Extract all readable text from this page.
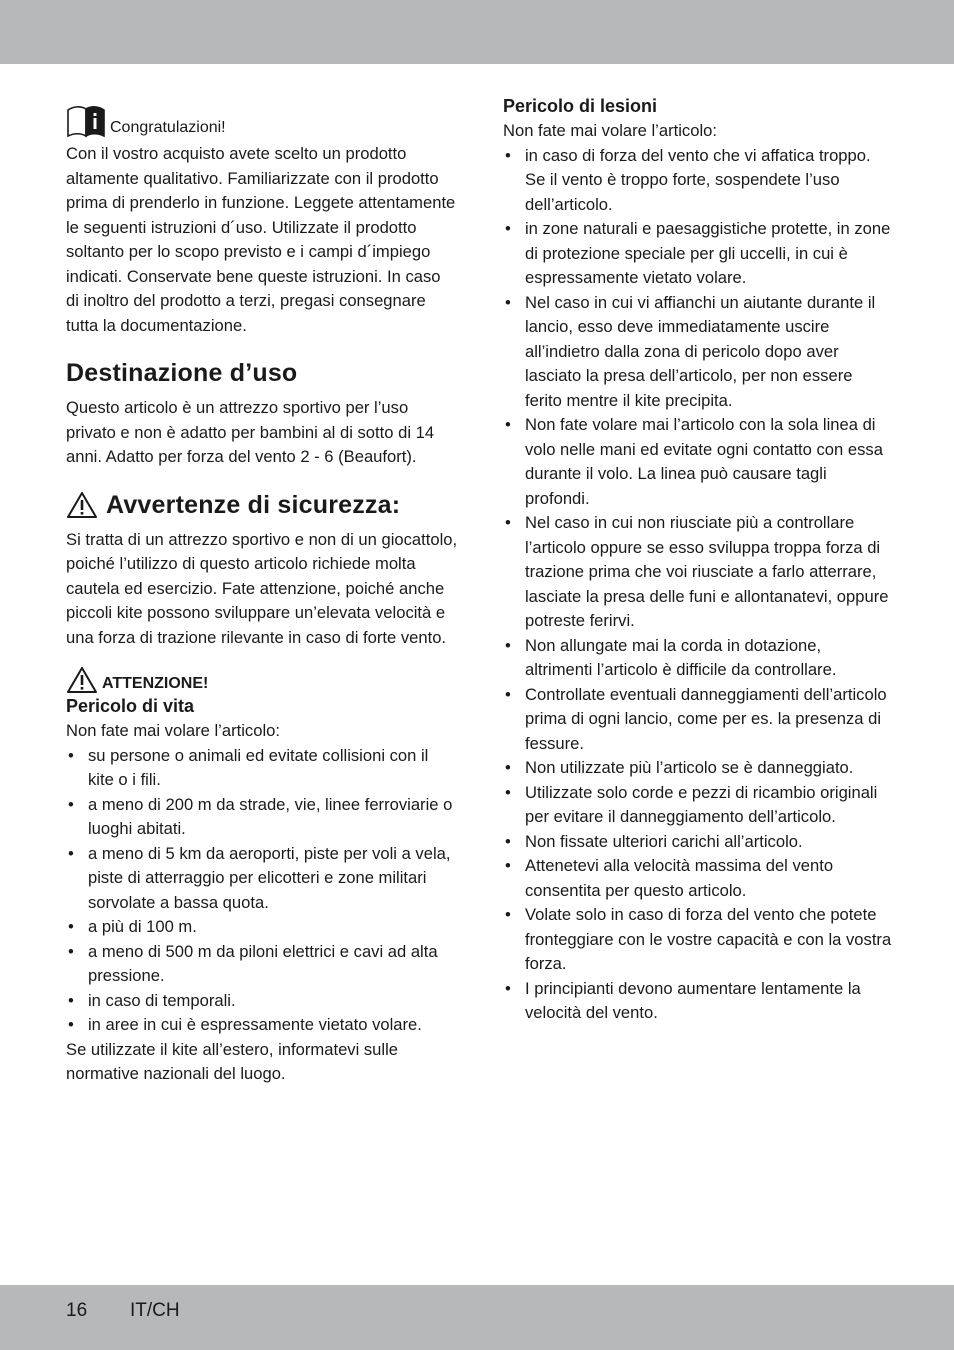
Congratulazioni!

Con il vostro acquisto avete scelto un prodotto altamente qualitativo. Familiarizzate con il prodotto prima di prenderlo in funzione. Leggete attentamente le seguenti istruzioni d´uso. Utilizzate il prodotto soltanto per lo scopo previsto e i campi d´impiego indicati. Conservate bene queste istruzioni. In caso di inoltro del prodotto a terzi, pregasi consegnare tutta la documentazione.

Destinazione d’uso

Questo articolo è un attrezzo sportivo per l’uso privato e non è adatto per bambini al di sotto di 14 anni. Adatto per forza del vento 2 - 6 (Beaufort).

Avvertenze di sicurezza:

Si tratta di un attrezzo sportivo e non di un giocattolo, poiché l’utilizzo di questo articolo richiede molta cautela ed esercizio. Fate attenzione, poiché anche piccoli kite possono sviluppare un’elevata velocità e una forza di trazione rilevante in caso di forte vento.

ATTENZIONE!
Pericolo di vita

Non fate mai volare l’articolo:

• su persone o animali ed evitate collisioni con il kite o i fili.
• a meno di 200 m da strade, vie, linee ferroviarie o luoghi abitati.
• a meno di 5 km da aeroporti, piste per voli a vela, piste di atterraggio per elicotteri e zone militari sorvolate a bassa quota.
• a più di 100 m.
• a meno di 500 m da piloni elettrici e cavi ad alta pressione.
• in caso di temporali.
• in aree in cui è espressamente vietato volare.

Se utilizzate il kite all’estero, informatevi sulle normative nazionali del luogo.

Pericolo di lesioni

Non fate mai volare l’articolo:

• in caso di forza del vento che vi affatica troppo. Se il vento è troppo forte, sospendete l’uso dell’articolo.
• in zone naturali e paesaggistiche protette, in zone di protezione speciale per gli uccelli, in cui è espressamente vietato volare.
• Nel caso in cui vi affianchi un aiutante durante il lancio, esso deve immediatamente uscire all’indietro dalla zona di pericolo dopo aver lasciato la presa dell’articolo, per non essere ferito mentre il kite precipita.
• Non fate volare mai l’articolo con la sola linea di volo nelle mani ed evitate ogni contatto con essa durante il volo. La linea può causare tagli profondi.
• Nel caso in cui non riusciate più a controllare l’articolo oppure se esso sviluppa troppa forza di trazione prima che voi riusciate a farlo atterrare, lasciate la presa delle funi e allontanatevi, oppure potreste ferirvi.
• Non allungate mai la corda in dotazione, altrimenti l’articolo è difficile da controllare.
• Controllate eventuali danneggiamenti dell’articolo prima di ogni lancio, come per es. la presenza di fessure.
• Non utilizzate più l’articolo se è danneggiato.
• Utilizzate solo corde e pezzi di ricambio originali per evitare il danneggiamento dell’articolo.
• Non fissate ulteriori carichi all’articolo.
• Attenetevi alla velocità massima del vento consentita per questo articolo.
• Volate solo in caso di forza del vento che potete fronteggiare con le vostre capacità e con la vostra forza.
• I principianti devono aumentare lentamente la velocità del vento.
16 IT/CH
